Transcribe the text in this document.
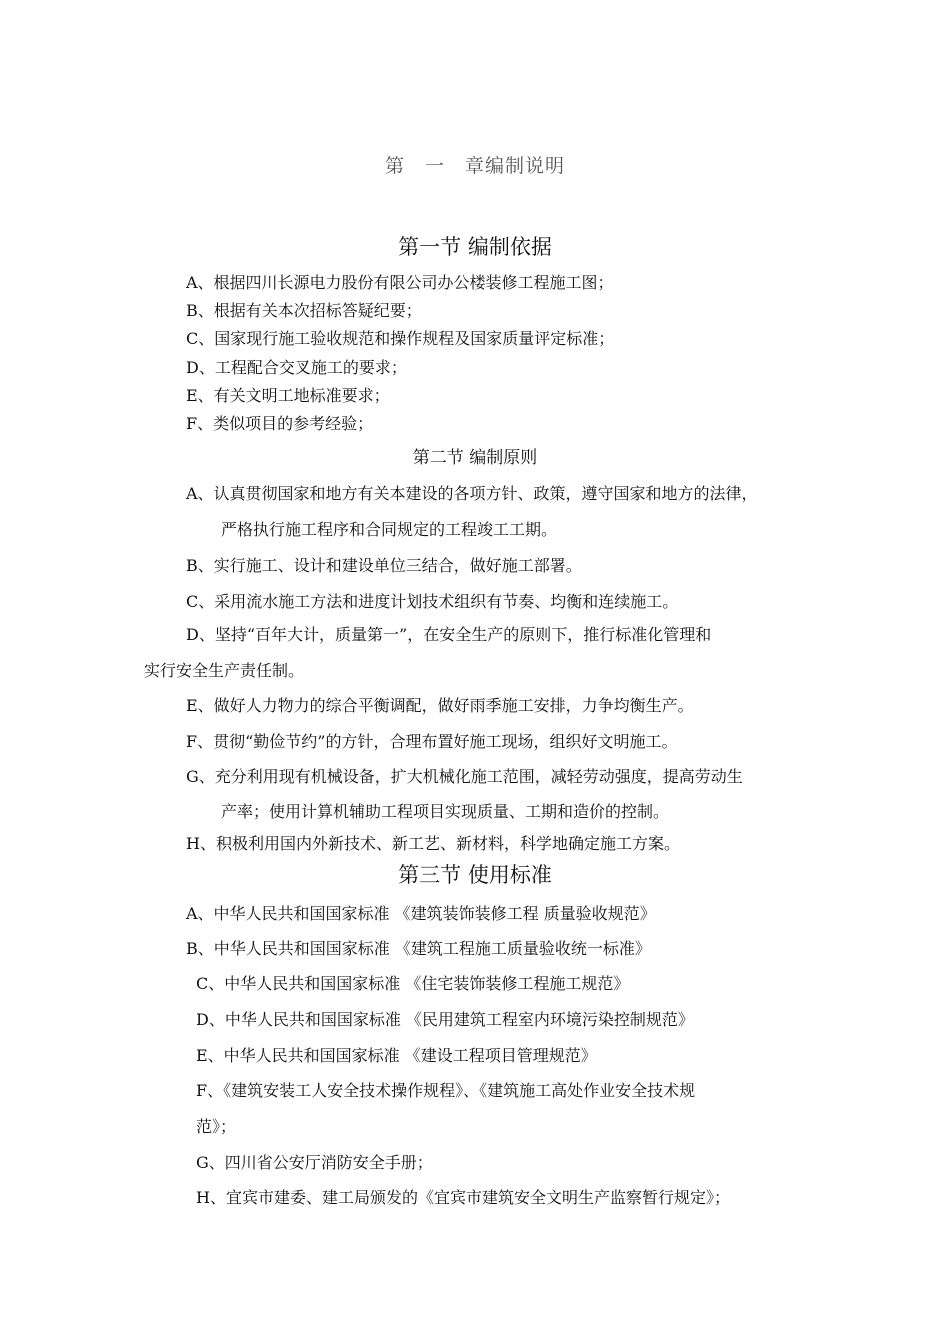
第　一　章编制说明
第一节 编制依据
A、根据四川长源电力股份有限公司办公楼装修工程施工图；
B、根据有关本次招标答疑纪要；
C、国家现行施工验收规范和操作规程及国家质量评定标准；
D、工程配合交叉施工的要求；
E、有关文明工地标准要求；
F、类似项目的参考经验；
第二节 编制原则
A、认真贯彻国家和地方有关本建设的各项方针、政策，遵守国家和地方的法律，
严格执行施工程序和合同规定的工程竣工工期。
B、实行施工、设计和建设单位三结合，做好施工部署。
C、采用流水施工方法和进度计划技术组织有节奏、均衡和连续施工。
D、坚持“百年大计，质量第一”，在安全生产的原则下，推行标准化管理和
实行安全生产责任制。
E、做好人力物力的综合平衡调配，做好雨季施工安排，力争均衡生产。
F、贯彻“勤俭节约”的方针，合理布置好施工现场，组织好文明施工。
G、充分利用现有机械设备，扩大机械化施工范围，减轻劳动强度，提高劳动生
产率；使用计算机辅助工程项目实现质量、工期和造价的控制。
H、积极利用国内外新技术、新工艺、新材料，科学地确定施工方案。
第三节 使用标准
A、中华人民共和国国家标准 《建筑装饰装修工程 质量验收规范》
B、中华人民共和国国家标准 《建筑工程施工质量验收统一标准》
C、中华人民共和国国家标准 《住宅装饰装修工程施工规范》
D、中华人民共和国国家标准 《民用建筑工程室内环境污染控制规范》
E、中华人民共和国国家标准 《建设工程项目管理规范》
F、《建筑安装工人安全技术操作规程》、《建筑施工高处作业安全技术规
范》；
G、四川省公安厅消防安全手册；
H、宜宾市建委、建工局颁发的《宜宾市建筑安全文明生产监察暂行规定》；
